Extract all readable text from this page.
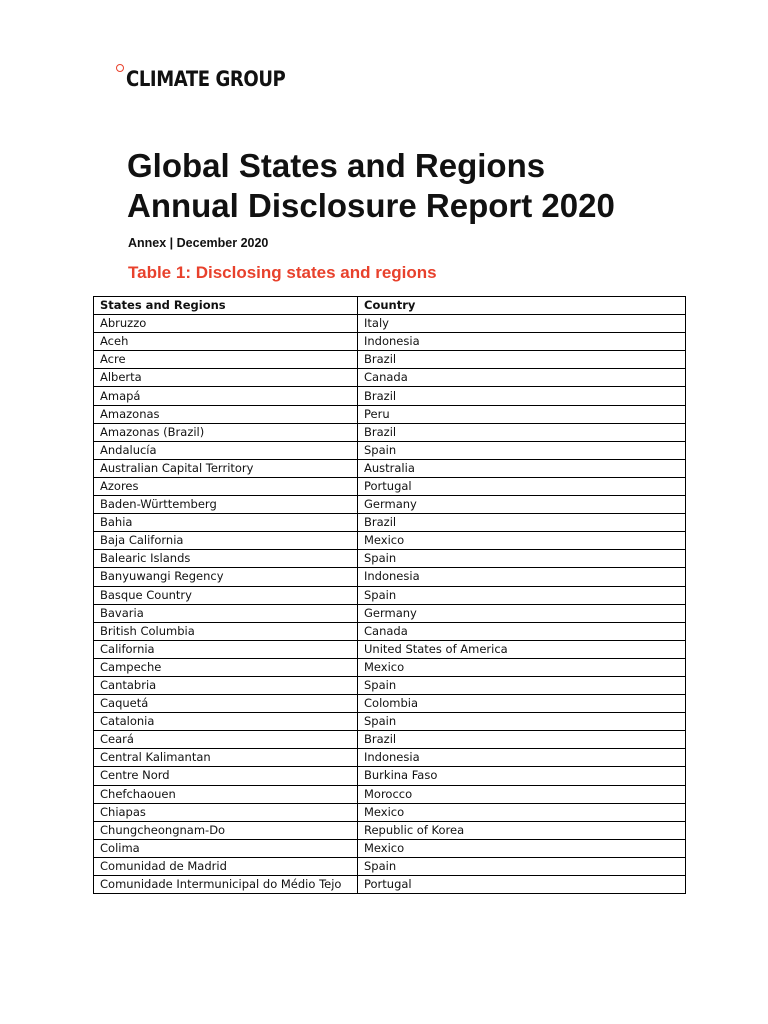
CLIMATE GROUP
Global States and Regions
Annual Disclosure Report 2020
Annex | December 2020
Table 1: Disclosing states and regions
States and Regions	Country
Abruzzo	Italy
Aceh	Indonesia
Acre	Brazil
Alberta	Canada
Amapá	Brazil
Amazonas	Peru
Amazonas (Brazil)	Brazil
Andalucía	Spain
Australian Capital Territory	Australia
Azores	Portugal
Baden-Württemberg	Germany
Bahia	Brazil
Baja California	Mexico
Balearic Islands	Spain
Banyuwangi Regency	Indonesia
Basque Country	Spain
Bavaria	Germany
British Columbia	Canada
California	United States of America
Campeche	Mexico
Cantabria	Spain
Caquetá	Colombia
Catalonia	Spain
Ceará	Brazil
Central Kalimantan	Indonesia
Centre Nord	Burkina Faso
Chefchaouen	Morocco
Chiapas	Mexico
Chungcheongnam-Do	Republic of Korea
Colima	Mexico
Comunidad de Madrid	Spain
Comunidade Intermunicipal do Médio Tejo	Portugal
